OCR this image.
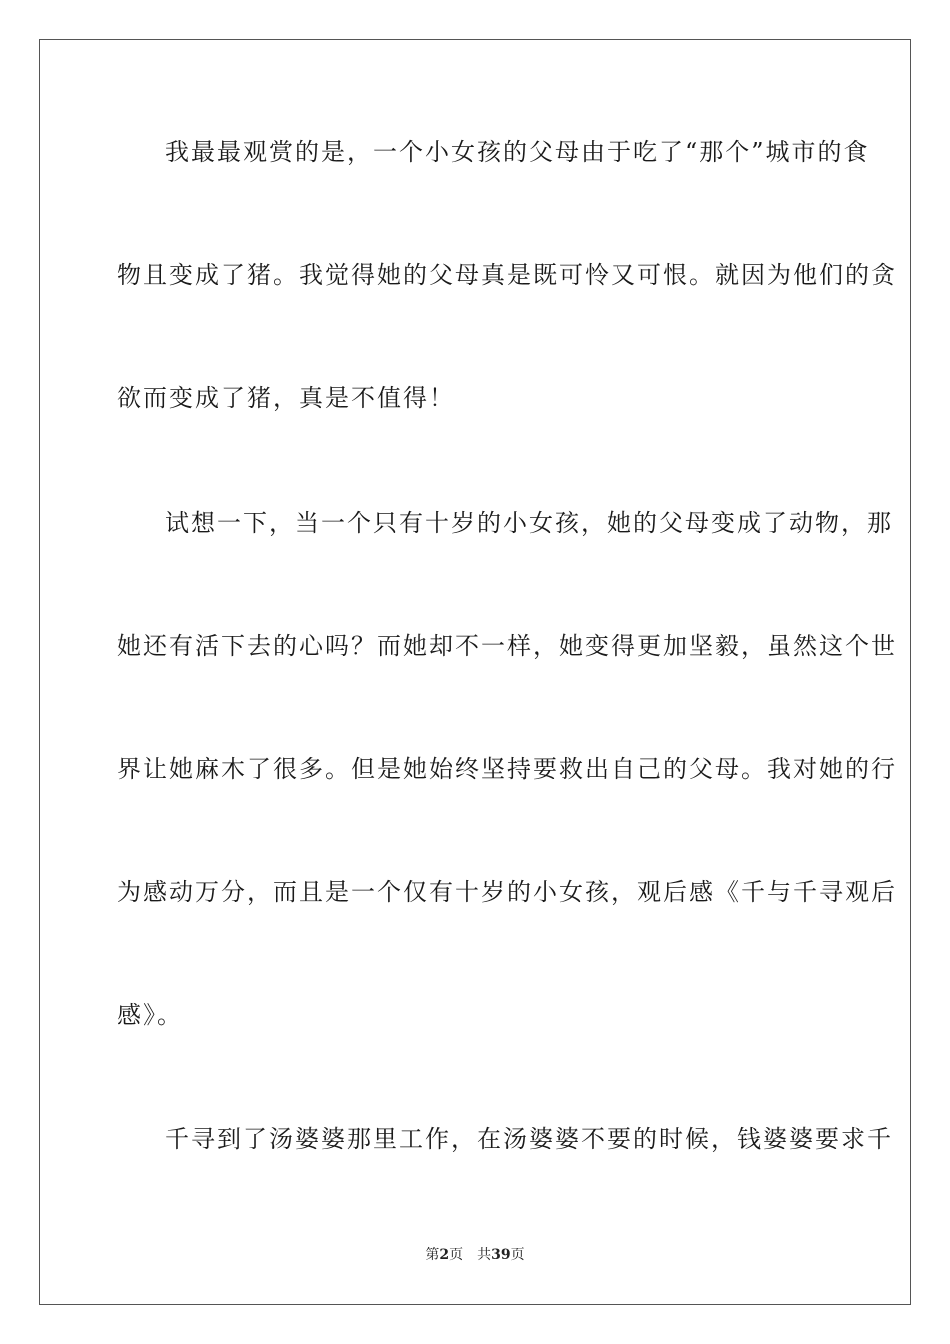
我最最观赏的是，一个小女孩的父母由于吃了“那个”城市的食
物且变成了猪。我觉得她的父母真是既可怜又可恨。就因为他们的贪
欲而变成了猪，真是不值得！
试想一下，当一个只有十岁的小女孩，她的父母变成了动物，那
她还有活下去的心吗？而她却不一样，她变得更加坚毅，虽然这个世
界让她麻木了很多。但是她始终坚持要救出自己的父母。我对她的行
为感动万分，而且是一个仅有十岁的小女孩，观后感《千与千寻观后
感》。
千寻到了汤婆婆那里工作，在汤婆婆不要的时候，钱婆婆要求千
第2页 共39页
